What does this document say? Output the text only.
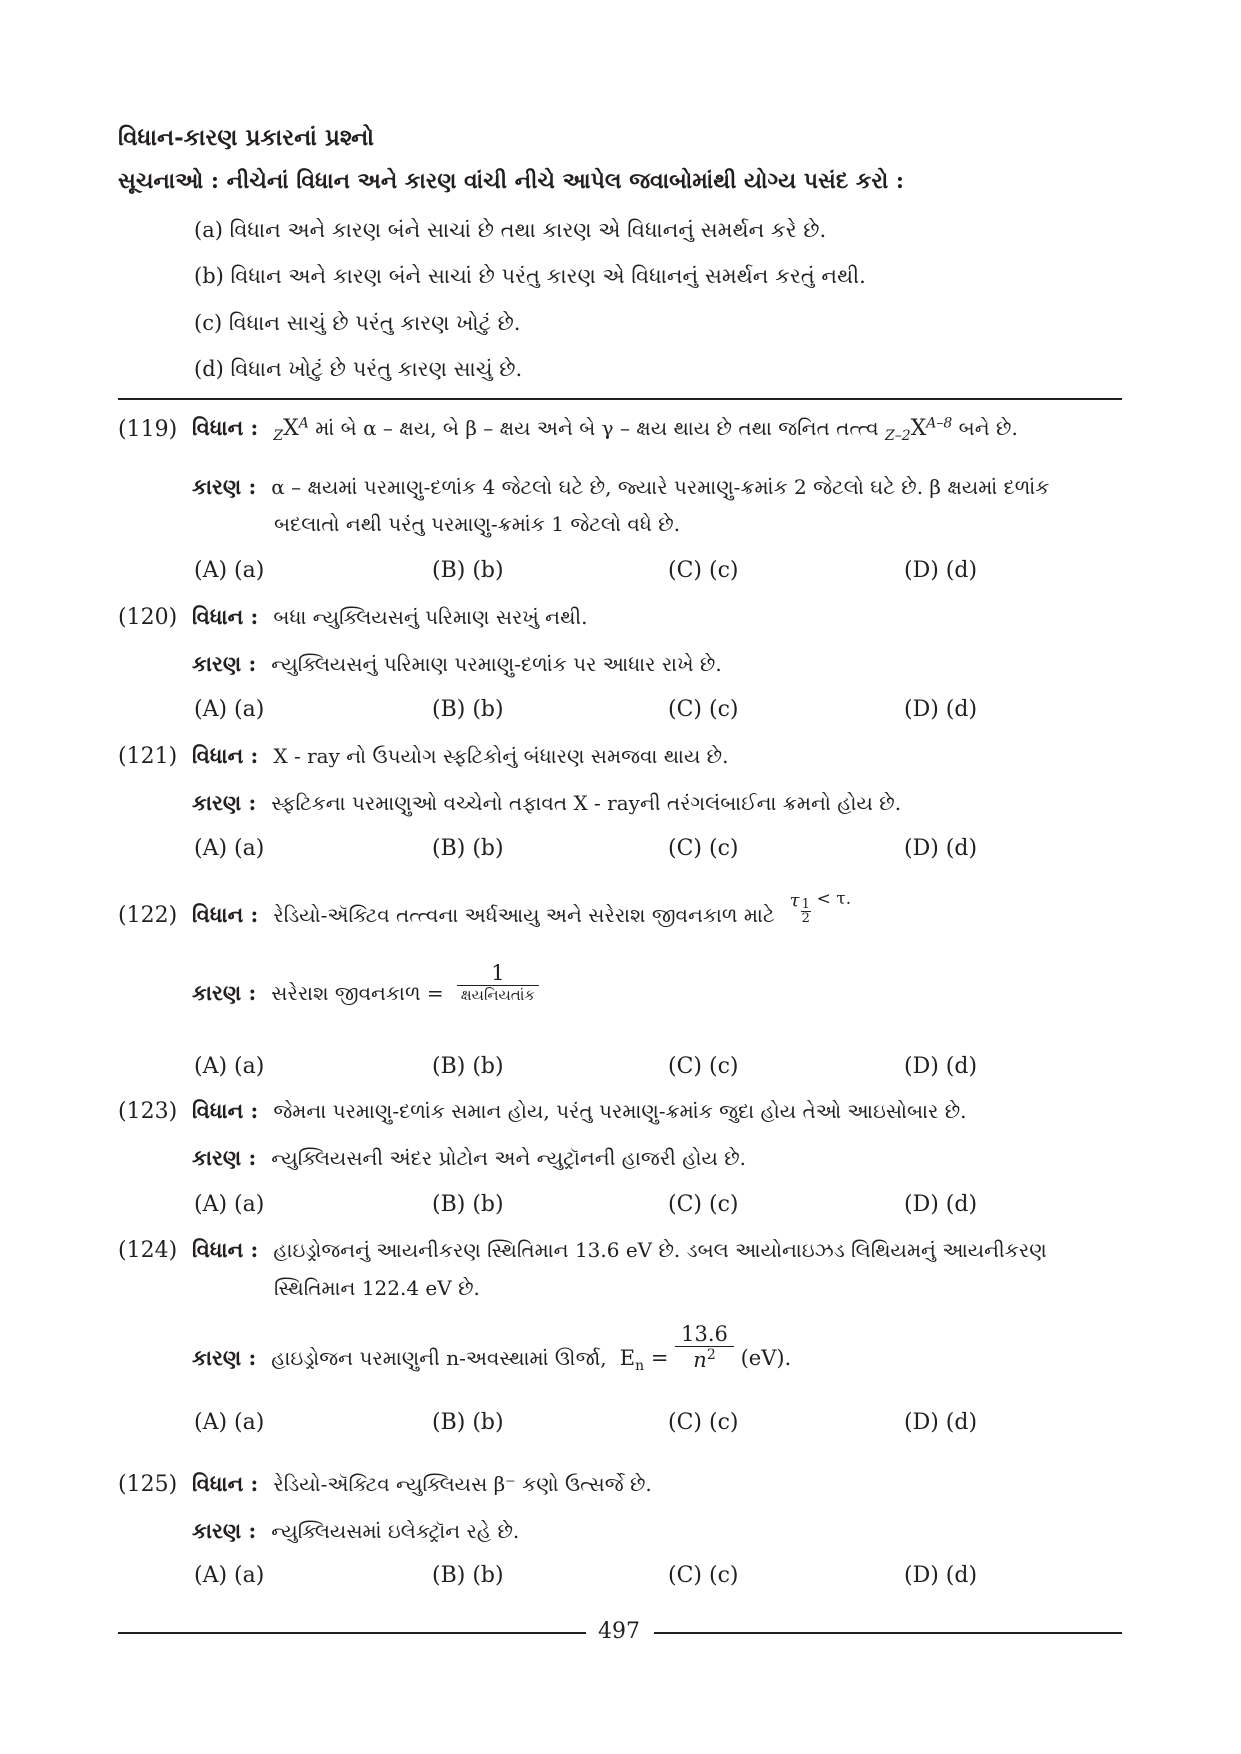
વિધાન-કારણ પ્રકારનાં પ્રશ્નો
સૂચનાઓ : નીચેનાં વિધાન અને કારણ વાંચી નીચે આપેલ જવાબોમાંથી યોગ્ય પસંદ કરો :
(a) વિધાન અને કારણ બંને સાચાં છે તથા કારણ એ વિધાનનું સમર્થન કરે છે.
(b) વિધાન અને કારણ બંને સાચાં છે પરંતુ કારણ એ વિધાનનું સમર્થન કરતું નથી.
(c) વિધાન સાચું છે પરંતુ કારણ ખોટું છે.
(d) વિધાન ખોટું છે પરંતુ કારણ સાચું છે.
(119) વિધાન : $_ZX^A$ માં બે α – ક્ષય, બે β – ક્ષય અને બે γ – ક્ષય થાય છે તથા જનિત તત્ત્વ $_{Z-2}X^{A-8}$ બને છે.
કારણ : α – ક્ષયમાં પરમાણુ-દળાંક 4 જેટલો ઘટે છે, જ્યારે પરમાણુ-ક્રમાંક 2 જેટલો ઘટે છે. β ક્ષયમાં દળાંક
બદલાતો નથી પરંતુ પરમાણુ-ક્રમાંક 1 જેટલો વધે છે.
(A) (a)	(B) (b)	(C) (c)	(D) (d)
(120) વિધાન : બધા ન્યુક્લિયસનું પરિમાણ સરખું નથી.
કારણ : ન્યુક્લિયસનું પરિમાણ પરમાણુ-દળાંક પર આધાર રાખે છે.
(A) (a)	(B) (b)	(C) (c)	(D) (d)
(121) વિધાન : X - ray નો ઉપયોગ સ્ફટિકોનું બંધારણ સમજવા થાય છે.
કારણ : સ્ફટિકના પરમાણુઓ વચ્ચેનો તફાવત X - rayની તરંગલંબાઈના ક્રમનો હોય છે.
(A) (a)	(B) (b)	(C) (c)	(D) (d)
(122) વિધાન : રેડિયો-ઍક્ટિવ તત્ત્વના અર્ધઆયુ અને સરેરાશ જીવનકાળ માટે
τ 1
2
< τ.
કારણ : સરેરાશ જીવનકાળ = $\frac{1}{\text{ક્ષયનિયતાંક}}$
(A) (a)	(B) (b)	(C) (c)	(D) (d)
(123) વિધાન : જેમના પરમાણુ-દળાંક સમાન હોય, પરંતુ પરમાણુ-ક્રમાંક જુદા હોય તેઓ આઇસોબાર છે.
કારણ : ન્યુક્લિયસની અંદર પ્રોટોન અને ન્યુટ્રૉનની હાજરી હોય છે.
(A) (a)	(B) (b)	(C) (c)	(D) (d)
(124) વિધાન : હાઇડ્રોજનનું આયનીકરણ સ્થિતિમાન 13.6 eV છે. ડબલ આયોનાઇઝડ લિથિયમનું આયનીકરણ
સ્થિતિમાન 122.4 eV છે.
કારણ : હાઇડ્રોજન પરમાણુની n-અવસ્થામાં ઊર્જા, $E_n = \frac{13.6}{n^2} (eV)$.
(A) (a)	(B) (b)	(C) (c)	(D) (d)
(125) વિધાન : રેડિયો-ઍક્ટિવ ન્યુક્લિયસ β⁻ કણો ઉત્સર્જે છે.
કારણ : ન્યુક્લિયસમાં ઇલેક્ટ્રૉન રહે છે.
(A) (a)	(B) (b)	(C) (c)	(D) (d)
497
